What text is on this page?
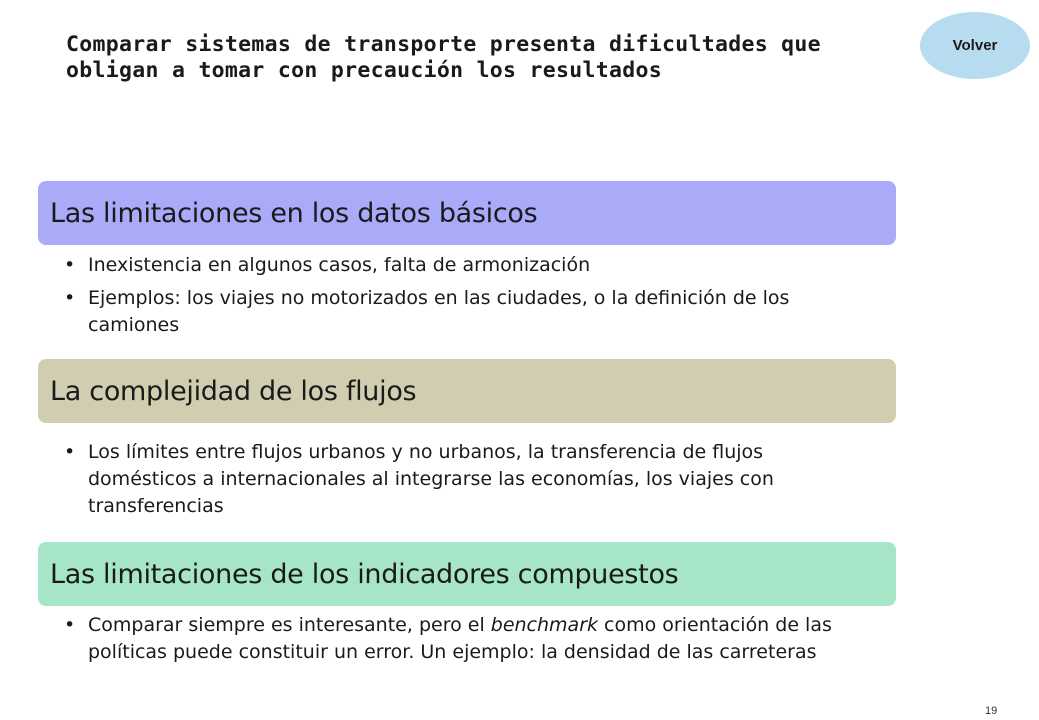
Comparar sistemas de transporte presenta dificultades que obligan a tomar con precaución los resultados
Volver
Las limitaciones en los datos básicos
• Inexistencia en algunos casos, falta de armonización
• Ejemplos: los viajes no motorizados en las ciudades, o la definición de los camiones
La complejidad de los flujos
• Los límites entre flujos urbanos y no urbanos, la transferencia de flujos domésticos a internacionales al integrarse las economías, los viajes con transferencias
Las limitaciones de los indicadores compuestos
• Comparar siempre es interesante, pero el benchmark como orientación de las políticas puede constituir un error. Un ejemplo: la densidad de las carreteras
19
